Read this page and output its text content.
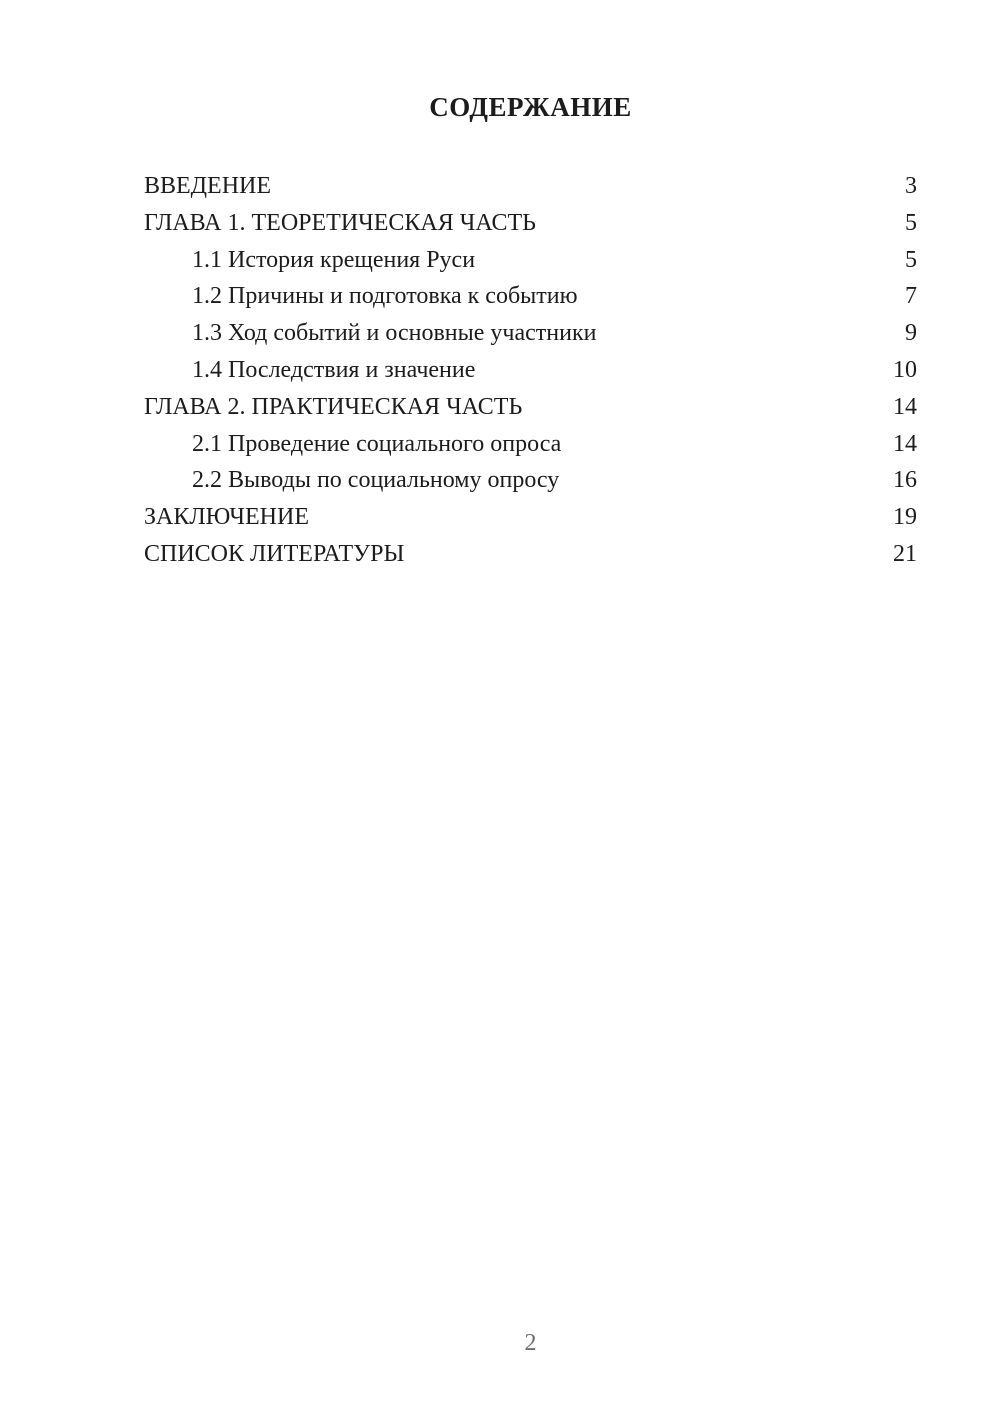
СОДЕРЖАНИЕ
ВВЕДЕНИЕ	3
ГЛАВА 1. ТЕОРЕТИЧЕСКАЯ ЧАСТЬ	5
1.1 История крещения Руси	5
1.2 Причины и подготовка к событию	7
1.3 Ход событий и основные участники	9
1.4 Последствия и значение	10
ГЛАВА 2. ПРАКТИЧЕСКАЯ ЧАСТЬ	14
2.1 Проведение социального опроса	14
2.2 Выводы по социальному опросу	16
ЗАКЛЮЧЕНИЕ	19
СПИСОК ЛИТЕРАТУРЫ	21
2
